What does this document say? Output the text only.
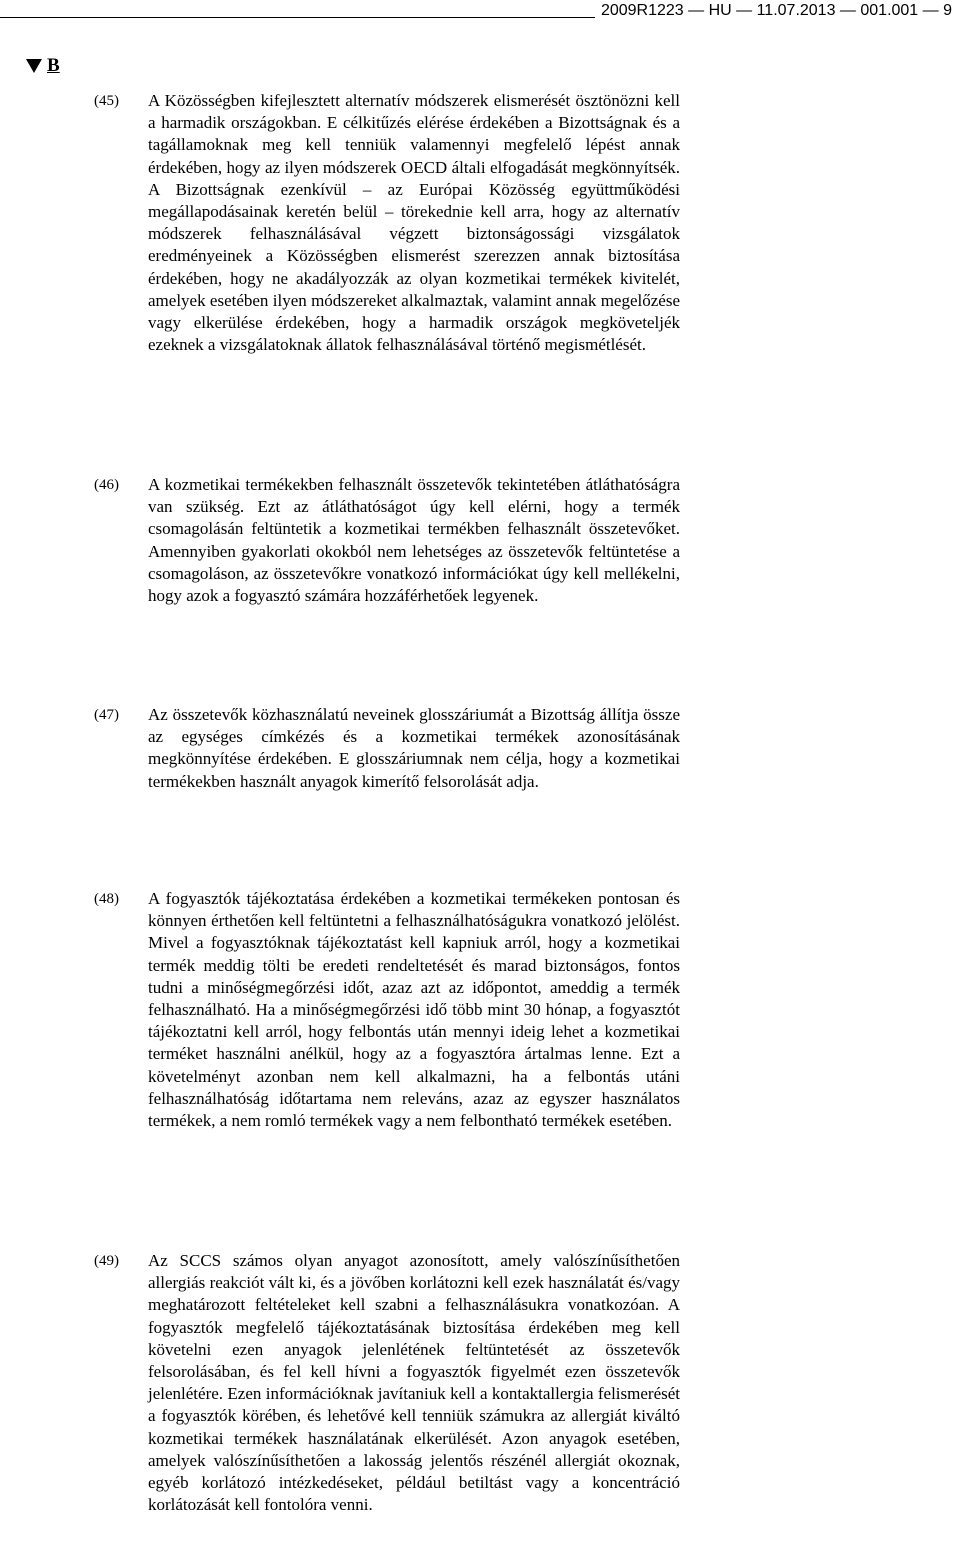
2009R1223 — HU — 11.07.2013 — 001.001 — 9
B
(45) A Közösségben kifejlesztett alternatív módszerek elismerését ösztönözni kell a harmadik országokban. E célkitűzés elérése érdekében a Bizottságnak és a tagállamoknak meg kell tenniük valamennyi megfelelő lépést annak érdekében, hogy az ilyen módszerek OECD általi elfogadását megkönnyítsék. A Bizottságnak ezenkívül – az Európai Közösség együttműködési megállapodásainak keretén belül – törekednie kell arra, hogy az alternatív módszerek felhasználásával végzett biztonságossági vizsgálatok eredményeinek a Közösségben elismerést szerezzen annak biztosítása érdekében, hogy ne akadályozzák az olyan kozmetikai termékek kivitelét, amelyek esetében ilyen módszereket alkalmaztak, valamint annak megelőzése vagy elkerülése érdekében, hogy a harmadik országok megköveteljék ezeknek a vizsgálatoknak állatok felhasználásával történő megismétlését.
(46) A kozmetikai termékekben felhasznált összetevők tekintetében átláthatóságra van szükség. Ezt az átláthatóságot úgy kell elérni, hogy a termék csomagolásán feltüntetik a kozmetikai termékben felhasznált összetevőket. Amennyiben gyakorlati okokból nem lehetséges az összetevők feltüntetése a csomagoláson, az összetevőkre vonatkozó információkat úgy kell mellékelni, hogy azok a fogyasztó számára hozzáférhetőek legyenek.
(47) Az összetevők közhasználatú neveinek glosszáriumát a Bizottság állítja össze az egységes címkézés és a kozmetikai termékek azonosításának megkönnyítése érdekében. E glosszáriumnak nem célja, hogy a kozmetikai termékekben használt anyagok kimerítő felsorolását adja.
(48) A fogyasztók tájékoztatása érdekében a kozmetikai termékeken pontosan és könnyen érthetően kell feltüntetni a felhasználhatóságukra vonatkozó jelölést. Mivel a fogyasztóknak tájékoztatást kell kapniuk arról, hogy a kozmetikai termék meddig tölti be eredeti rendeltetését és marad biztonságos, fontos tudni a minőségmegőrzési időt, azaz azt az időpontot, ameddig a termék felhasználható. Ha a minőségmegőrzési idő több mint 30 hónap, a fogyasztót tájékoztatni kell arról, hogy felbontás után mennyi ideig lehet a kozmetikai terméket használni anélkül, hogy az a fogyasztóra ártalmas lenne. Ezt a követelményt azonban nem kell alkalmazni, ha a felbontás utáni felhasználhatóság időtartama nem releváns, azaz az egyszer használatos termékek, a nem romló termékek vagy a nem felbontható termékek esetében.
(49) Az SCCS számos olyan anyagot azonosított, amely valószínűsíthetően allergiás reakciót vált ki, és a jövőben korlátozni kell ezek használatát és/vagy meghatározott feltételeket kell szabni a felhasználásukra vonatkozóan. A fogyasztók megfelelő tájékoztatásának biztosítása érdekében meg kell követelni ezen anyagok jelenlétének feltüntetését az összetevők felsorolásában, és fel kell hívni a fogyasztók figyelmét ezen összetevők jelenlétére. Ezen információknak javítaniuk kell a kontaktallergia felismerését a fogyasztók körében, és lehetővé kell tenniük számukra az allergiát kiváltó kozmetikai termékek használatának elkerülését. Azon anyagok esetében, amelyek valószínűsíthetően a lakosság jelentős részénél allergiát okoznak, egyéb korlátozó intézkedéseket, például betiltást vagy a koncentráció korlátozását kell fontolóra venni.
